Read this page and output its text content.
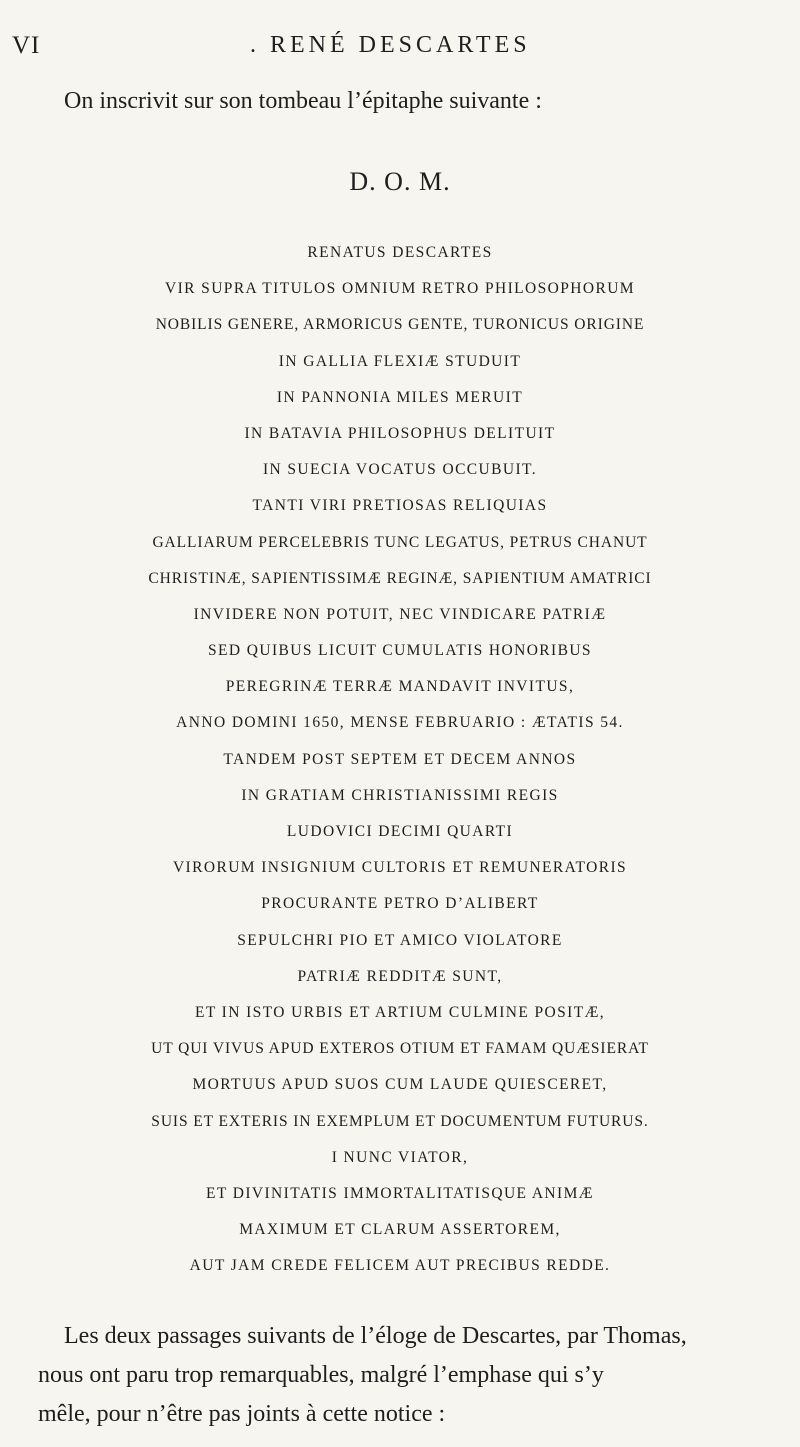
VI	. RENÉ DESCARTES
On inscrivit sur son tombeau l’épitaphe suivante :
D. O. M.
RENATUS DESCARTES
VIR SUPRA TITULOS OMNIUM RETRO PHILOSOPHORUM
NOBILIS GENERE, ARMORICUS GENTE, TURONICUS ORIGINE
IN GALLIA FLEXIÆ STUDUIT
IN PANNONIA MILES MERUIT
IN BATAVIA PHILOSOPHUS DELITUIT
IN SUECIA VOCATUS OCCUBUIT.
TANTI VIRI PRETIOSAS RELIQUIAS
GALLIARUM PERCELEBRIS TUNC LEGATUS, PETRUS CHANUT
CHRISTINÆ, SAPIENTISSIMÆ REGINÆ, SAPIENTIUM AMATRICI
INVIDERE NON POTUIT, NEC VINDICARE PATRIÆ
SED QUIBUS LICUIT CUMULATIS HONORIBUS
PEREGRINÆ TERRÆ MANDAVIT INVITUS,
ANNO DOMINI 1650, MENSE FEBRUARIO : ÆTATIS 54.
TANDEM POST SEPTEM ET DECEM ANNOS
IN GRATIAM CHRISTIANISSIMI REGIS
LUDOVICI DECIMI QUARTI
VIRORUM INSIGNIUM CULTORIS ET REMUNERATORIS
PROCURANTE PETRO D’ALIBERT
SEPULCHRI PIO ET AMICO VIOLATORE
PATRIÆ REDDITÆ SUNT,
ET IN ISTO URBIS ET ARTIUM CULMINE POSITÆ,
UT QUI VIVUS APUD EXTEROS OTIUM ET FAMAM QUÆSIERAT
MORTUUS APUD SUOS CUM LAUDE QUIESCERET,
SUIS ET EXTERIS IN EXEMPLUM ET DOCUMENTUM FUTURUS.
I NUNC VIATOR,
ET DIVINITATIS IMMORTALITATISQUE ANIMÆ
MAXIMUM ET CLARUM ASSERTOREM,
AUT JAM CREDE FELICEM AUT PRECIBUS REDDE.
Les deux passages suivants de l’éloge de Descartes, par Thomas,
nous ont paru trop remarquables, malgré l’emphase qui s’y
mêle, pour n’être pas joints à cette notice :
